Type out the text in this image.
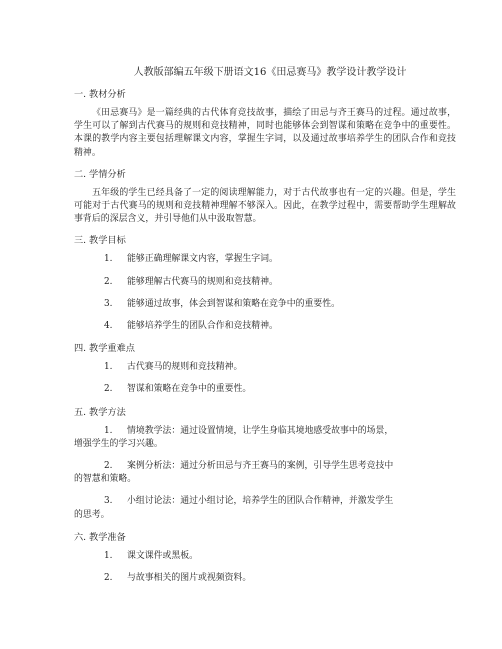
人教版部编五年级下册语文16《田忌赛马》教学设计教学设计
一. 教材分析

《田忌赛马》是一篇经典的古代体育竞技故事，描绘了田忌与齐王赛马的过程。通过故事，学生可以了解到古代赛马的规则和竞技精神，同时也能够体会到智谋和策略在竞争中的重要性。本课的教学内容主要包括理解课文内容，掌握生字词，以及通过故事培养学生的团队合作和竞技精神。

二. 学情分析

五年级的学生已经具备了一定的阅读理解能力，对于古代故事也有一定的兴趣。但是，学生可能对于古代赛马的规则和竞技精神理解不够深入。因此，在教学过程中，需要帮助学生理解故事背后的深层含义，并引导他们从中汲取智慧。

三. 教学目标
1. 能够正确理解课文内容，掌握生字词。
2. 能够理解古代赛马的规则和竞技精神。
3. 能够通过故事，体会到智谋和策略在竞争中的重要性。
4. 能够培养学生的团队合作和竞技精神。
四. 教学重难点
1. 古代赛马的规则和竞技精神。
2. 智谋和策略在竞争中的重要性。
五. 教学方法
1. 情境教学法：通过设置情境，让学生身临其境地感受故事中的场景，
增强学生的学习兴趣。
2. 案例分析法：通过分析田忌与齐王赛马的案例，引导学生思考竞技中
的智慧和策略。
3. 小组讨论法：通过小组讨论，培养学生的团队合作精神，并激发学生
的思考。
六. 教学准备
1. 课文课件或黑板。
2. 与故事相关的图片或视频资料。
